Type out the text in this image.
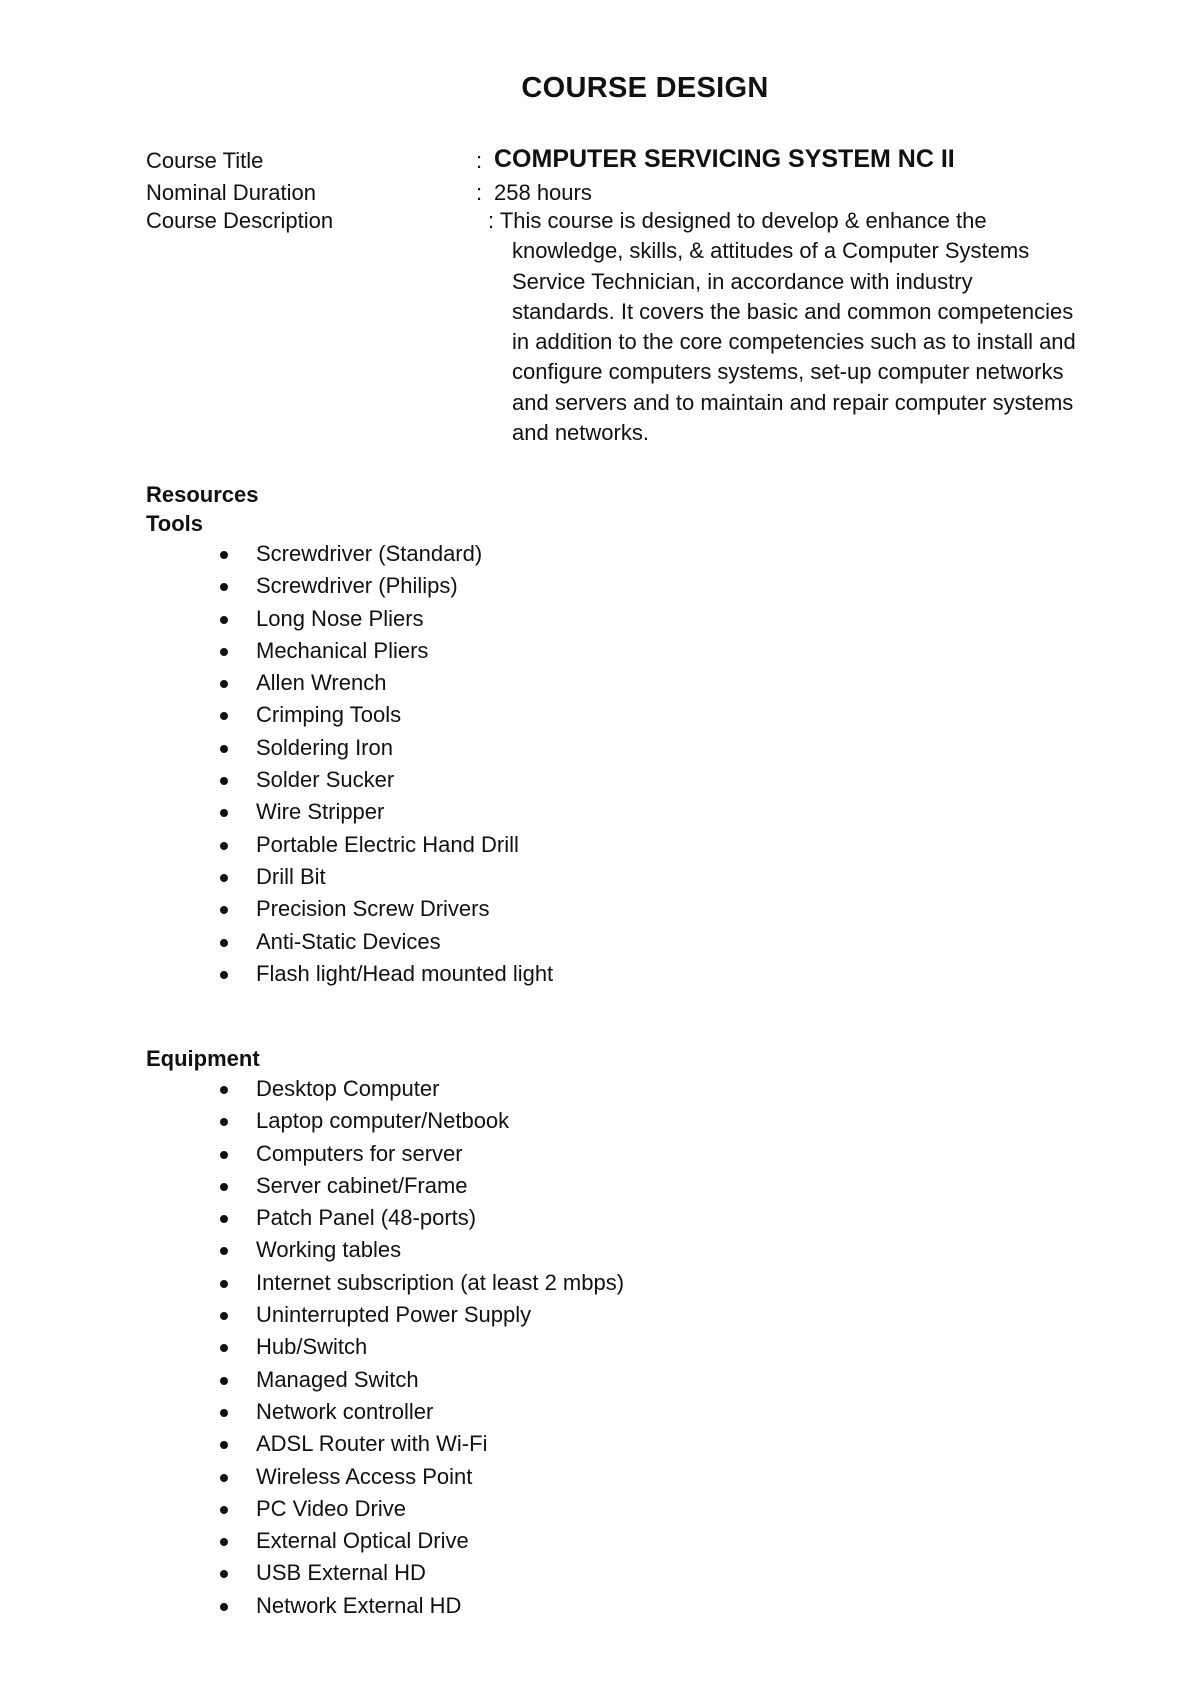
COURSE DESIGN
Course Title	: COMPUTER SERVICING SYSTEM NC II
Nominal Duration	: 258 hours
Course Description	: This course is designed to develop & enhance the
knowledge, skills, & attitudes of a Computer Systems
Service Technician, in accordance with industry
standards. It covers the basic and common competencies
in addition to the core competencies such as to install and
configure computers systems, set-up computer networks
and servers and to maintain and repair computer systems
and networks.
Resources
Tools
Screwdriver (Standard)
Screwdriver (Philips)
Long Nose Pliers
Mechanical Pliers
Allen Wrench
Crimping Tools
Soldering Iron
Solder Sucker
Wire Stripper
Portable Electric Hand Drill
Drill Bit
Precision Screw Drivers
Anti-Static Devices
Flash light/Head mounted light
Equipment
Desktop Computer
Laptop computer/Netbook
Computers for server
Server cabinet/Frame
Patch Panel (48-ports)
Working tables
Internet subscription (at least 2 mbps)
Uninterrupted Power Supply
Hub/Switch
Managed Switch
Network controller
ADSL Router with Wi-Fi
Wireless Access Point
PC Video Drive
External Optical Drive
USB External HD
Network External HD
